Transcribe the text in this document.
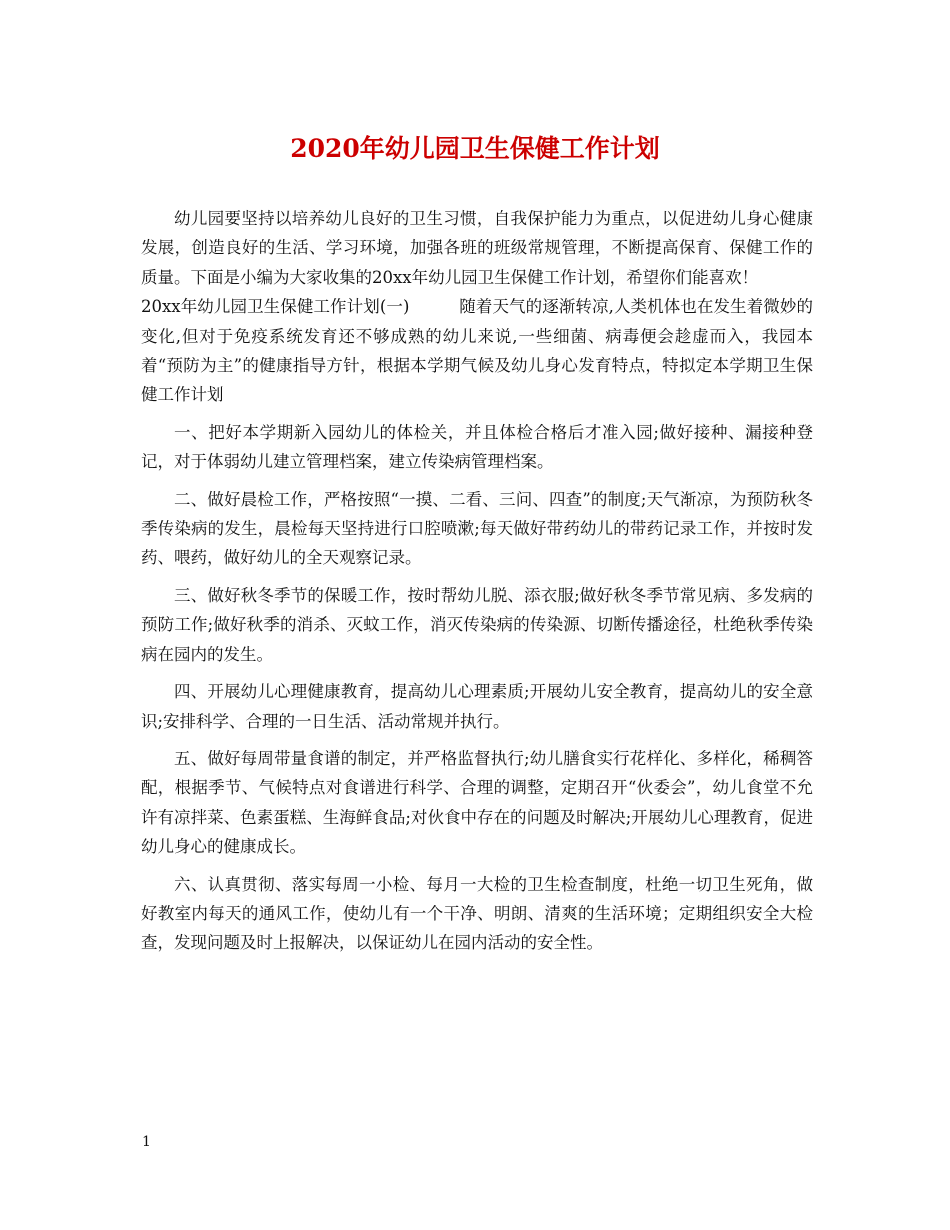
2020年幼儿园卫生保健工作计划

幼儿园要坚持以培养幼儿良好的卫生习惯，自我保护能力为重点，以促进幼儿身心健康发展，创造良好的生活、学习环境，加强各班的班级常规管理，不断提高保育、保健工作的质量。下面是小编为大家收集的20xx年幼儿园卫生保健工作计划，希望你们能喜欢！

20xx年幼儿园卫生保健工作计划(一)　　　随着天气的逐渐转凉,人类机体也在发生着微妙的变化,但对于免疫系统发育还不够成熟的幼儿来说,一些细菌、病毒便会趁虚而入，我园本着“预防为主”的健康指导方针，根据本学期气候及幼儿身心发育特点，特拟定本学期卫生保健工作计划

一、把好本学期新入园幼儿的体检关，并且体检合格后才准入园;做好接种、漏接种登记，对于体弱幼儿建立管理档案，建立传染病管理档案。

二、做好晨检工作，严格按照“一摸、二看、三问、四查”的制度;天气渐凉，为预防秋冬季传染病的发生，晨检每天坚持进行口腔喷漱;每天做好带药幼儿的带药记录工作，并按时发药、喂药，做好幼儿的全天观察记录。

三、做好秋冬季节的保暖工作，按时帮幼儿脱、添衣服;做好秋冬季节常见病、多发病的预防工作;做好秋季的消杀、灭蚊工作，消灭传染病的传染源、切断传播途径，杜绝秋季传染病在园内的发生。

四、开展幼儿心理健康教育，提高幼儿心理素质;开展幼儿安全教育，提高幼儿的安全意识;安排科学、合理的一日生活、活动常规并执行。

五、做好每周带量食谱的制定，并严格监督执行;幼儿膳食实行花样化、多样化，稀稠答配，根据季节、气候特点对食谱进行科学、合理的调整，定期召开“伙委会”，幼儿食堂不允许有凉拌菜、色素蛋糕、生海鲜食品;对伙食中存在的问题及时解决;开展幼儿心理教育，促进幼儿身心的健康成长。

六、认真贯彻、落实每周一小检、每月一大检的卫生检查制度，杜绝一切卫生死角，做好教室内每天的通风工作，使幼儿有一个干净、明朗、清爽的生活环境；定期组织安全大检查，发现问题及时上报解决，以保证幼儿在园内活动的安全性。

1
